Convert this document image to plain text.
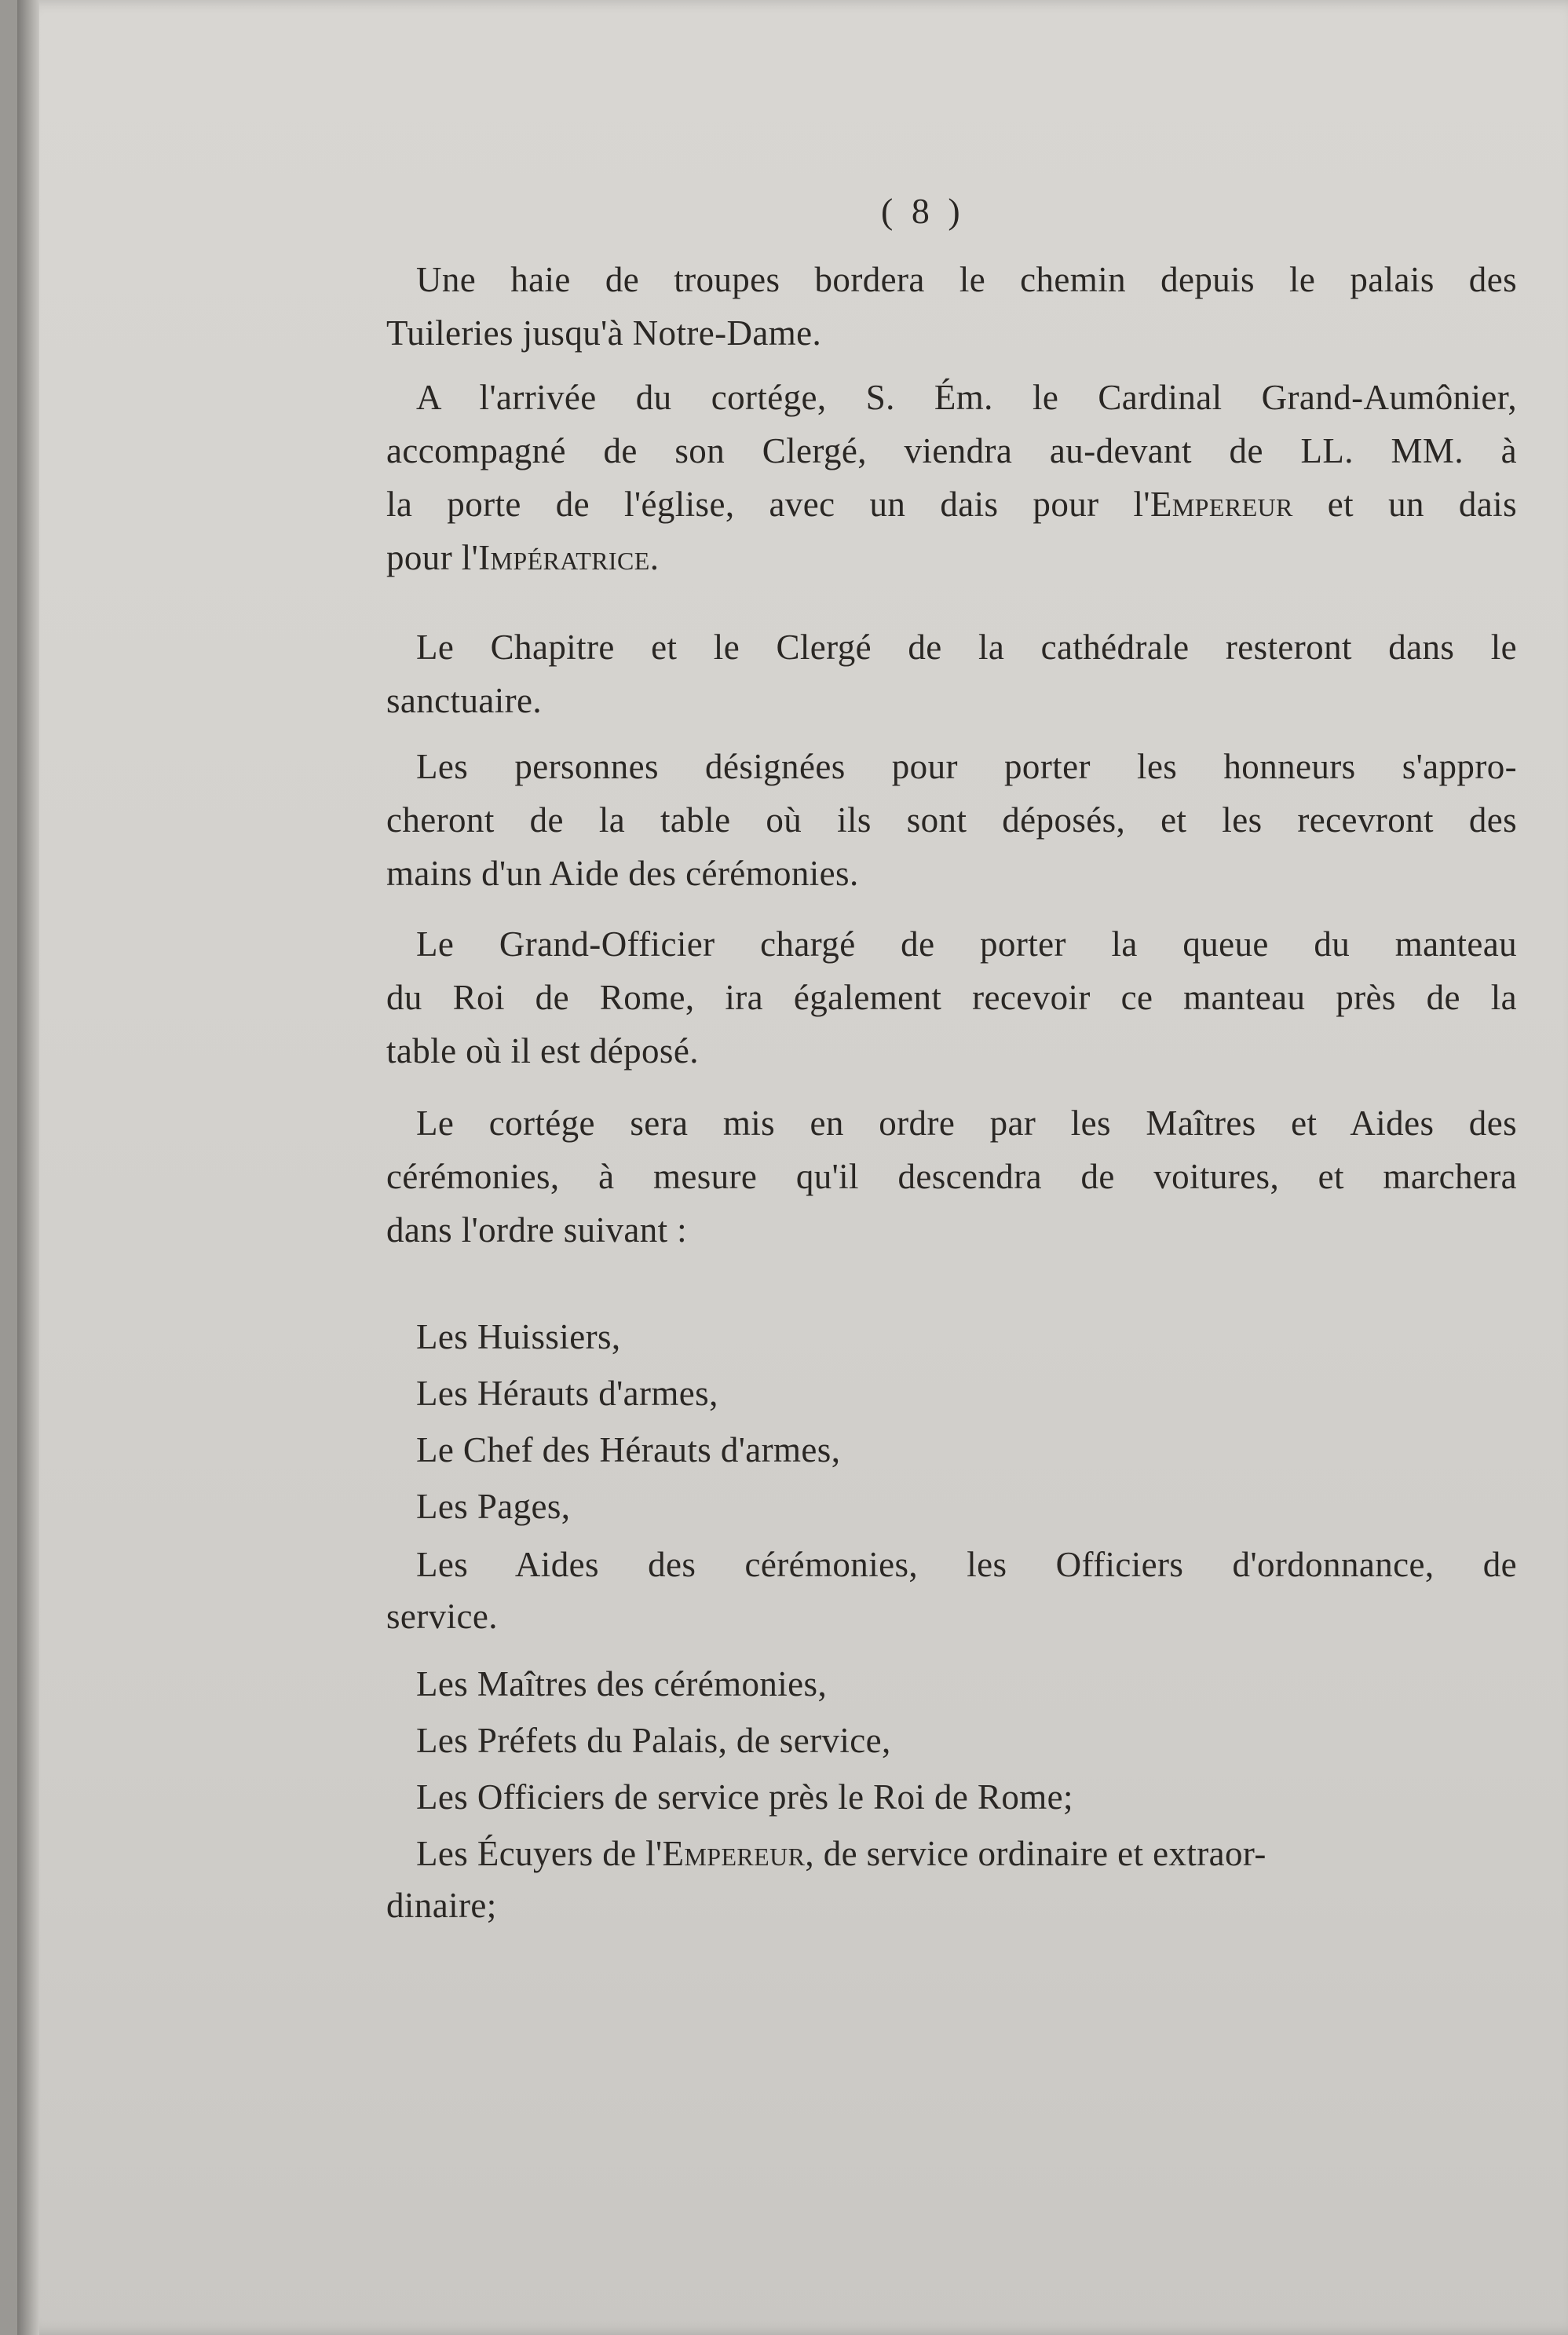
( 8 )
Une haie de troupes bordera le chemin depuis le palais des
Tuileries jusqu'à Notre-Dame.
A l'arrivée du cortége, S. Ém. le Cardinal Grand-Aumônier,
accompagné de son Clergé, viendra au-devant de LL. MM. à
la porte de l'église, avec un dais pour l'Empereur et un dais
pour l'Impératrice.
Le Chapitre et le Clergé de la cathédrale resteront dans le
sanctuaire.
Les personnes désignées pour porter les honneurs s'appro-
cheront de la table où ils sont déposés, et les recevront des
mains d'un Aide des cérémonies.
Le Grand-Officier chargé de porter la queue du manteau
du Roi de Rome, ira également recevoir ce manteau près de la
table où il est déposé.
Le cortége sera mis en ordre par les Maîtres et Aides des
cérémonies, à mesure qu'il descendra de voitures, et marchera
dans l'ordre suivant :
Les Huissiers,
Les Hérauts d'armes,
Le Chef des Hérauts d'armes,
Les Pages,
Les Aides des cérémonies, les Officiers d'ordonnance, de
service.
Les Maîtres des cérémonies,
Les Préfets du Palais, de service,
Les Officiers de service près le Roi de Rome;
Les Écuyers de l'Empereur, de service ordinaire et extraor-
dinaire;
